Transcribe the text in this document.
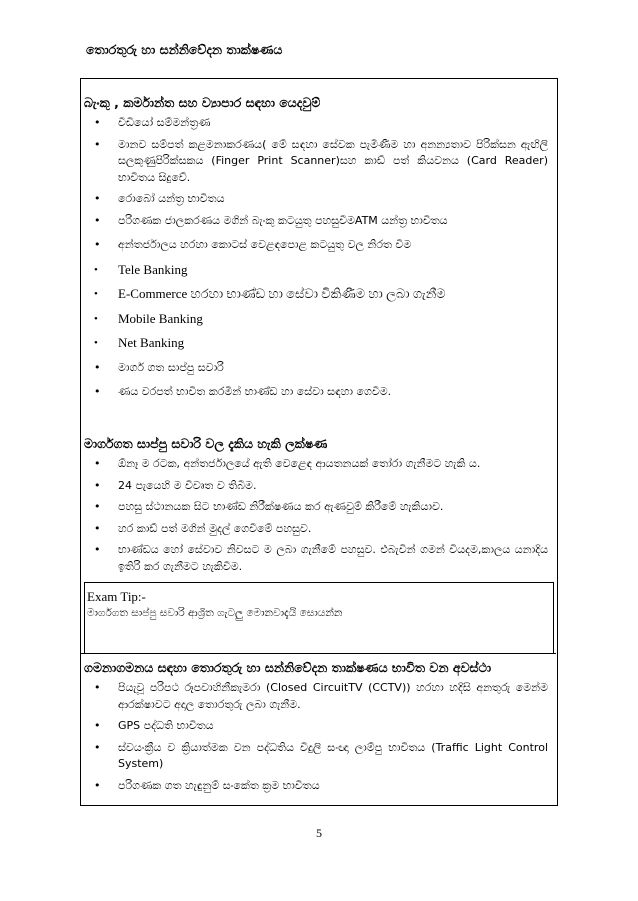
තොරතුරු හා සන්නිවේදන තාක්ෂණය
බැංකු , කර්මාන්ත සහ ව්‍යාපාර සඳහා යෙදවුම්
• වීඩියෝ සම්මන්ත්‍රණ
• මානව සම්පත් කළමනාකරණය( මේ සඳහා සේවක පැමිණීම හා අනන්‍යතාව පිරික්සන ඇඟිලි සලකුණුපිරික්සකය (Finger Print Scanner)සහ කාඩ් පත් කියවනය (Card Reader) භාවිතය සිදුවේ.
• රොබෝ යන්ත්‍ර භාවිතය
• පරිගණක ජාලකරණය මගින් බැංකු කටයුතු පහසුවීමATM යන්ත්‍ර භාවිතය
• අන්තර්ජාලය හරහා කොටස් වෙළඳපොළ කටයුතු වල නිරත වීම
• Tele Banking
• E-Commerce හරහා භාණ්ඩ හා සේවා විකිණීම හා ලබා ගැනීම
• Mobile Banking
• Net Banking
• මාර්ග ගත සාප්පු සවාරි
• ණය වරපත් භාවිත කරමින් භාණ්ඩ හා සේවා සඳහා ගෙවීම.
මාර්ගගත සාප්පු සවාරි වල දැකිය හැකි ලක්ෂණ
• ඕනෑ ම රටක, අන්තර්ජාලයේ ඇති වෙළෙඳ ආයතනයක් තෝරා ගැනීමට හැකි ය.
• 24 පැයෙහි ම විවෘත ව තිබීම.
• පහසු ස්ථානයක සිට භාණ්ඩ නිරීක්ෂණය කර ඇණවුම් කිරීමේ හැකියාව.
• හර කාඩ් පත් මගින් මුදල් ගෙවීමේ පහසුව.
• භාණ්ඩය හෝ සේවාව නිවසට ම ලබා ගැනීමේ පහසුව. එබැවින් ගමන් වියදම,කාලය යනාදිය ඉතිරි කර ගැනීමට හැකිවීම.
Exam Tip:-
මාර්ගගත සාප්පු සවාරි ආශ්‍රිත ගැටලු මොනවාදැයි සොයන්න
ගමනාගමනය සඳහා තොරතුරු හා සන්නිවේදන තාක්ෂණය භාවිත වන අවස්ථා
• පියැවූ පරිපථ රූපවාහිනීකැමරා (Closed CircuitTV (CCTV)) හරහා හදිසි අනතුරු මෙන්ම ආරක්ෂාවට අදාල තොරතුරු ලබා ගැනීම.
• GPS පද්ධති භාවිතය
• ස්වයංක්‍රීය ව ක්‍රියාත්මක වන පද්ධතිය විදුලි සංඥා ලාම්පු භාවිතය (Traffic Light Control System)
• පරිගණක ගත හැඳුනුම් සංකේත ක්‍රම භාවිතය
5
